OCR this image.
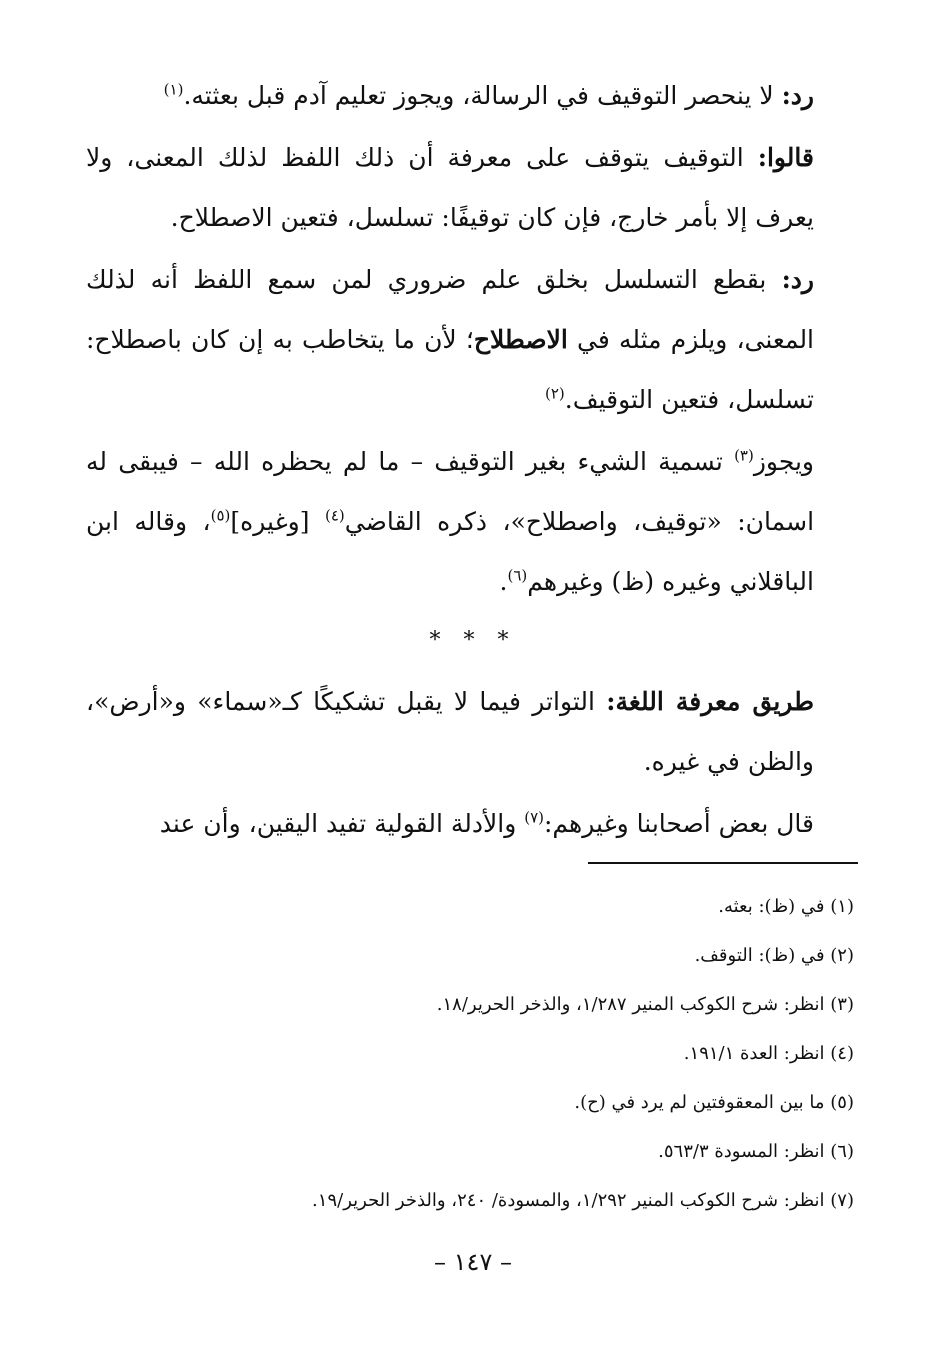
رد: لا ينحصر التوقيف في الرسالة، ويجوز تعليم آدم قبل بعثته.$^{(١)}$

قالوا: التوقيف يتوقف على معرفة أن ذلك اللفظ لذلك المعنى، ولا يعرف إلا بأمر خارج، فإن كان توقيفًا: تسلسل، فتعين الاصطلاح.

رد: بقطع التسلسل بخلق علم ضروري لمن سمع اللفظ أنه لذلك المعنى، ويلزم مثله في الاصطلاح؛ لأن ما يتخاطب به إن كان باصطلاح: تسلسل، فتعين التوقيف.$^{(٢)}$

ويجوز$^{(٣)}$ تسمية الشيء بغير التوقيف – ما لم يحظره الله – فيبقى له اسمان: «توقيف، واصطلاح»، ذكره القاضي$^{(٤)}$ [وغيره]$^{(٥)}$، وقاله ابن الباقلاني وغيره (ظ) وغيرهم$^{(٦)}$.

* * *

طريق معرفة اللغة: التواتر فيما لا يقبل تشكيكًا كـ«سماء» و«أرض»، والظن في غيره.

قال بعض أصحابنا وغيرهم:$^{(٧)}$ والأدلة القولية تفيد اليقين، وأن عند

(١) في (ظ): بعثه.
(٢) في (ظ): التوقف.
(٣) انظر: شرح الكوكب المنير ١/٢٨٧، والذخر الحرير/١٨.
(٤) انظر: العدة ١٩١/١.
(٥) ما بين المعقوفتين لم يرد في (ح).
(٦) انظر: المسودة ٥٦٣/٣.
(٧) انظر: شرح الكوكب المنير ١/٢٩٢، والمسودة/ ٢٤٠، والذخر الحرير/١٩.
– ١٤٧ –
